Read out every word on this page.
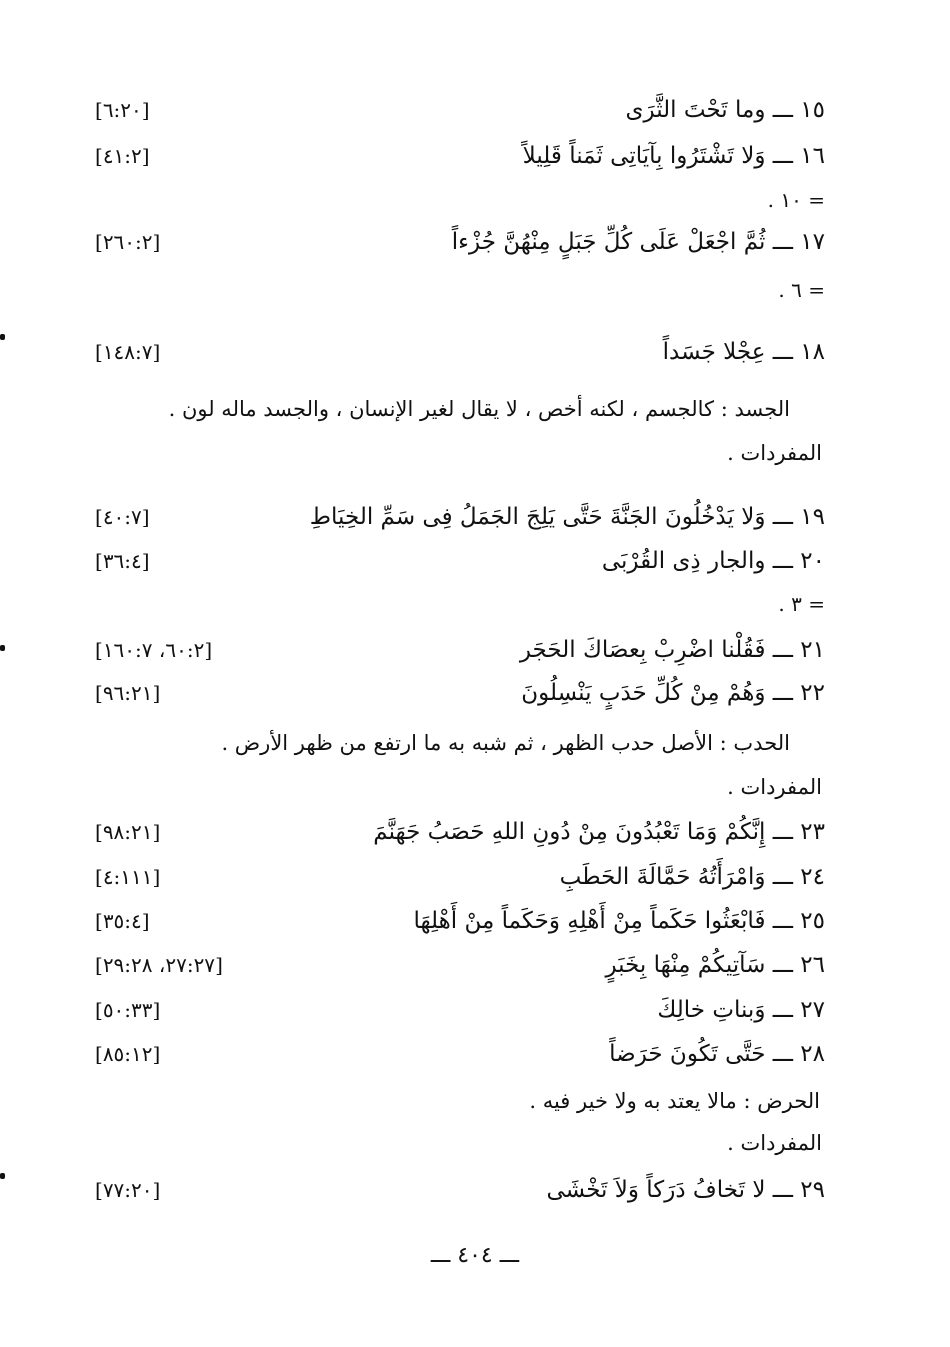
١٥ ـــ وما تَحْتَ الثَّرَى
[٦:٢٠]
١٦ ـــ وَلا تَشْتَرُوا بِآيَاتِى ثَمَناً قَلِيلاً
[٤١:٢]
= ١٠ .
١٧ ـــ ثُمَّ اجْعَلْ عَلَى كُلِّ جَبَلٍ مِنْهُنَّ جُزْءاً
[٢٦٠:٢]
= ٦ .
١٨ ـــ عِجْلا جَسَداً
[١٤٨:٧]
الجسد : كالجسم ، لكنه أخص ، لا يقال لغير الإنسان ، والجسد ماله لون .
المفردات .
١٩ ـــ وَلا يَدْخُلُونَ الجَنَّةَ حَتَّى يَلِجَ الجَمَلُ فِى سَمِّ الخِيَاطِ
[٤٠:٧]
٢٠ ـــ والجار ذِى القُرْبَى
[٣٦:٤]
= ٣ .
٢١ ـــ فَقُلْنا اضْرِبْ بِعصَاكَ الحَجَر
[٦٠:٢، ١٦٠:٧]
٢٢ ـــ وَهُمْ مِنْ كُلِّ حَدَبٍ يَنْسِلُونَ
[٩٦:٢١]
الحدب : الأصل حدب الظهر ، ثم شبه به ما ارتفع من ظهر الأرض .
المفردات .
٢٣ ـــ إِنَّكُمْ وَمَا تَعْبُدُونَ مِنْ دُونِ اللهِ حَصَبُ جَهَنَّمَ
[٩٨:٢١]
٢٤ ـــ وَامْرَأَتُهُ حَمَّالَةَ الحَطَبِ
[٤:١١١]
٢٥ ـــ فَابْعَثُوا حَكَماً مِنْ أَهْلِهِ وَحَكَماً مِنْ أَهْلِهَا
[٣٥:٤]
٢٦ ـــ سَآتِيكُمْ مِنْهَا بِخَبَرٍ
[٢٧:٢٧، ٢٩:٢٨]
٢٧ ـــ وَبناتِ خالِكَ
[٥٠:٣٣]
٢٨ ـــ حَتَّى تَكُونَ حَرَضاً
[٨٥:١٢]
الحرض : مالا يعتد به ولا خير فيه .
المفردات .
٢٩ ـــ لا تَخافُ دَرَكاً وَلاَ تَخْشَى
[٧٧:٢٠]
ـــ ٤٠٤ ـــ
